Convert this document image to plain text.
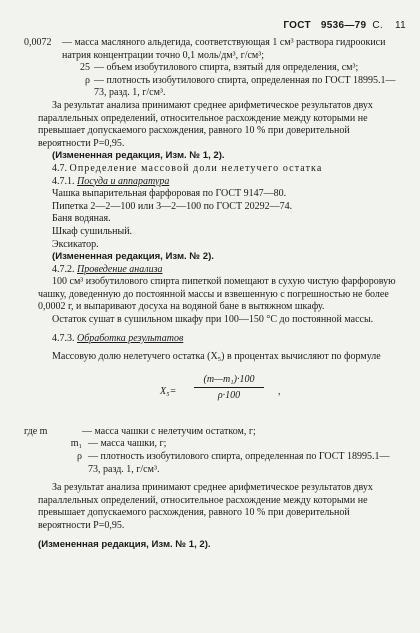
ГОСТ 9536—79 С. 11
0,0072	— масса масляного альдегида, соответствующая 1 см³ раствора гидроокиси натрия концентрации точно 0,1 моль/дм³, г/см³;
25 — объем изобутилового спирта, взятый для определения, см³;
ρ — плотность изобутилового спирта, определенная по ГОСТ 18995.1—73, разд. 1, г/см³.

За результат анализа принимают среднее арифметическое результатов двух параллельных определений, относительное расхождение между которыми не превышает допускаемого расхождения, равного 10 % при доверительной вероятности P=0,95.

(Измененная редакция, Изм. № 1, 2).

4.7. Определение массовой доли нелетучего остатка

4.7.1. Посуда и аппаратура

Чашка выпарительная фарфоровая по ГОСТ 9147—80.

Пипетка 2—2—100 или 3—2—100 по ГОСТ 20292—74.

Баня водяная.

Шкаф сушильный.

Эксикатор.

(Измененная редакция, Изм. № 2).

4.7.2. Проведение анализа

100 см³ изобутилового спирта пипеткой помещают в сухую чистую фарфоровую чашку, доведенную до постоянной массы и взвешенную с погрешностью не более 0,0002 г, и выпаривают досуха на водяной бане в вытяжном шкафу.

Остаток сушат в сушильном шкафу при 100—150 °С до постоянной массы.

4.7.3. Обработка результатов

Массовую долю нелетучего остатка (X₅) в процентах вычисляют по формуле

$X_5= \frac{\text{(m—m₁)·100}}{\rho\cdot 100}$ ,
где m	— масса чашки с нелетучим остатком, г;
m₁ — масса чашки, г;
ρ — плотность изобутилового спирта, определенная по ГОСТ 18995.1—73, разд. 1, г/см³.

За результат анализа принимают среднее арифметическое результатов двух параллельных определений, относительное расхождение между которыми не превышает допускаемого расхождения, равного 10 % при доверительной вероятности P=0,95.

(Измененная редакция, Изм. № 1, 2).
